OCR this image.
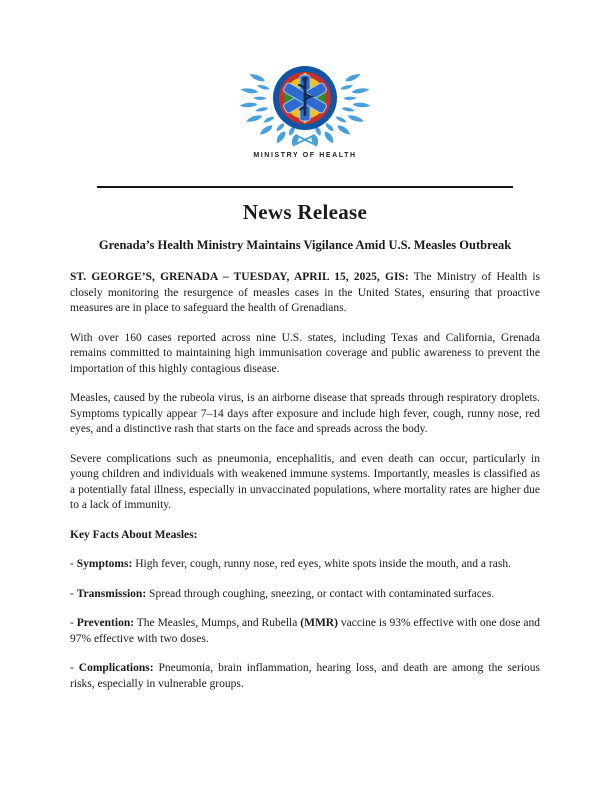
MINISTRY OF HEALTH
News Release
Grenada’s Health Ministry Maintains Vigilance Amid U.S. Measles Outbreak

ST. GEORGE’S, GRENADA – TUESDAY, APRIL 15, 2025, GIS: The Ministry of Health is closely monitoring the resurgence of measles cases in the United States, ensuring that proactive measures are in place to safeguard the health of Grenadians.

With over 160 cases reported across nine U.S. states, including Texas and California, Grenada remains committed to maintaining high immunisation coverage and public awareness to prevent the importation of this highly contagious disease.

Measles, caused by the rubeola virus, is an airborne disease that spreads through respiratory droplets. Symptoms typically appear 7–14 days after exposure and include high fever, cough, runny nose, red eyes, and a distinctive rash that starts on the face and spreads across the body.

Severe complications such as pneumonia, encephalitis, and even death can occur, particularly in young children and individuals with weakened immune systems. Importantly, measles is classified as a potentially fatal illness, especially in unvaccinated populations, where mortality rates are higher due to a lack of immunity.

Key Facts About Measles:

- Symptoms: High fever, cough, runny nose, red eyes, white spots inside the mouth, and a rash.

- Transmission: Spread through coughing, sneezing, or contact with contaminated surfaces.

- Prevention: The Measles, Mumps, and Rubella (MMR) vaccine is 93% effective with one dose and 97% effective with two doses.

- Complications: Pneumonia, brain inflammation, hearing loss, and death are among the serious risks, especially in vulnerable groups.
